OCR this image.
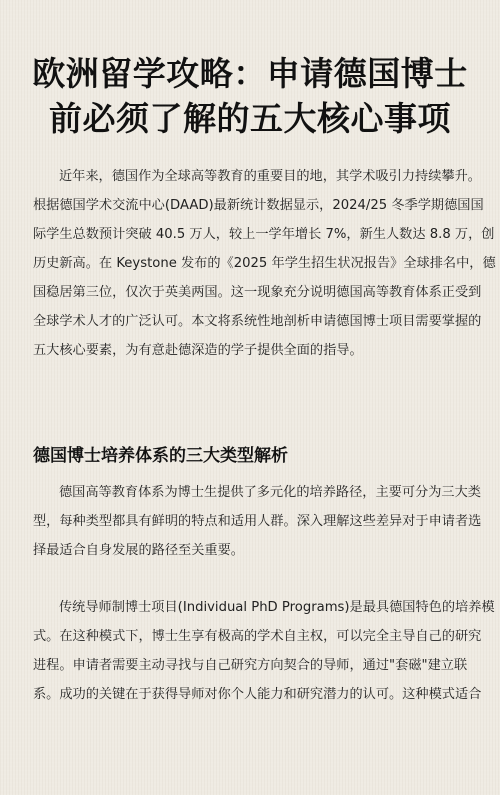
欧洲留学攻略：申请德国博士
前必须了解的五大核心事项
近年来，德国作为全球高等教育的重要目的地，其学术吸引力持续攀升。
根据德国学术交流中心(DAAD)最新统计数据显示，2024/25 冬季学期德国国
际学生总数预计突破 40.5 万人，较上一学年增长 7%，新生人数达 8.8 万，创
历史新高。在 Keystone 发布的《2025 年学生招生状况报告》全球排名中，德
国稳居第三位，仅次于英美两国。这一现象充分说明德国高等教育体系正受到
全球学术人才的广泛认可。本文将系统性地剖析申请德国博士项目需要掌握的
五大核心要素，为有意赴德深造的学子提供全面的指导。
德国博士培养体系的三大类型解析
德国高等教育体系为博士生提供了多元化的培养路径，主要可分为三大类
型，每种类型都具有鲜明的特点和适用人群。深入理解这些差异对于申请者选
择最适合自身发展的路径至关重要。
传统导师制博士项目(Individual PhD Programs)是最具德国特色的培养模
式。在这种模式下，博士生享有极高的学术自主权，可以完全主导自己的研究
进程。申请者需要主动寻找与自己研究方向契合的导师，通过"套磁"建立联
系。成功的关键在于获得导师对你个人能力和研究潜力的认可。这种模式适合
